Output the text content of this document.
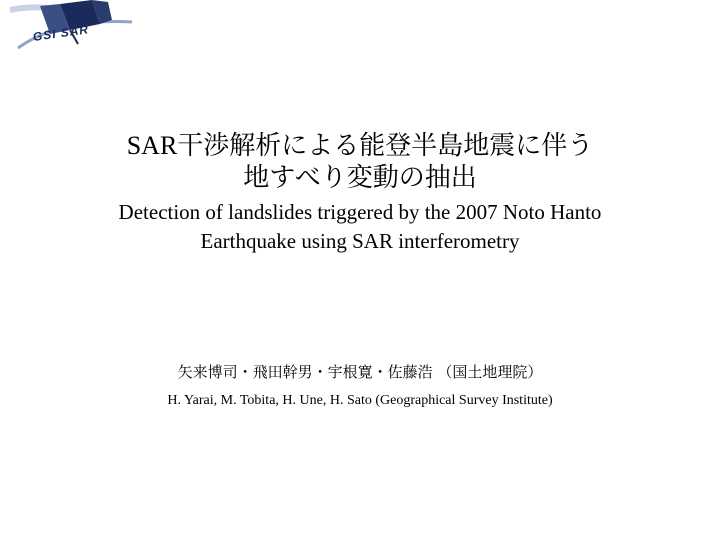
GSI SAR
SAR干渉解析による能登半島地震に伴う
地すべり変動の抽出

Detection of landslides triggered by the 2007 Noto Hanto

Earthquake using SAR interferometry

矢来博司・飛田幹男・宇根寛・佐藤浩 （国土地理院）

H. Yarai, M. Tobita, H. Une, H. Sato (Geographical Survey Institute)
